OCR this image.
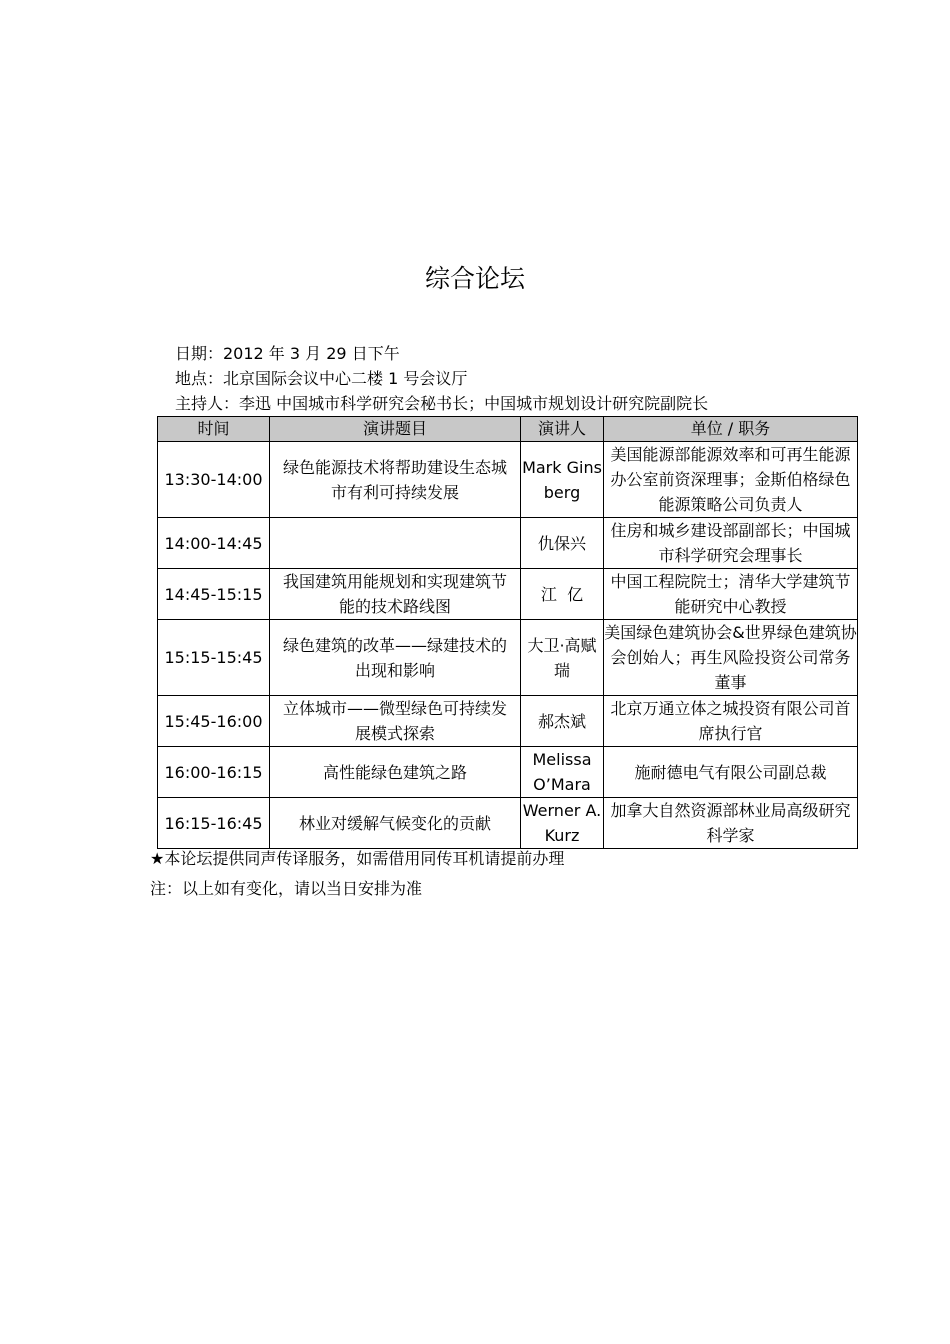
综合论坛
日期：2012 年 3 月 29 日下午
地点：北京国际会议中心二楼 1 号会议厅
主持人：李迅 中国城市科学研究会秘书长；中国城市规划设计研究院副院长
时间	演讲题目	演讲人	单位 / 职务
13:30-14:00	绿色能源技术将帮助建设生态城市有利可持续发展	Mark Ginsberg	美国能源部能源效率和可再生能源办公室前资深理事；金斯伯格绿色能源策略公司负责人

14:00-14:45		仇保兴	住房和城乡建设部副部长；中国城市科学研究会理事长

14:45-15:15	我国建筑用能规划和实现建筑节能的技术路线图	江  亿	中国工程院院士；清华大学建筑节能研究中心教授

15:15-15:45	绿色建筑的改革——绿建技术的出现和影响	大卫·高赋瑞	美国绿色建筑协会&世界绿色建筑协会创始人；再生风险投资公司常务董事

15:45-16:00	立体城市——微型绿色可持续发展模式探索	郝杰斌	北京万通立体之城投资有限公司首席执行官

16:00-16:15	高性能绿色建筑之路	Melissa O’Mara	施耐德电气有限公司副总裁

16:15-16:45	林业对缓解气候变化的贡献	Werner A. Kurz	加拿大自然资源部林业局高级研究科学家
★本论坛提供同声传译服务，如需借用同传耳机请提前办理
注：以上如有变化，请以当日安排为准
